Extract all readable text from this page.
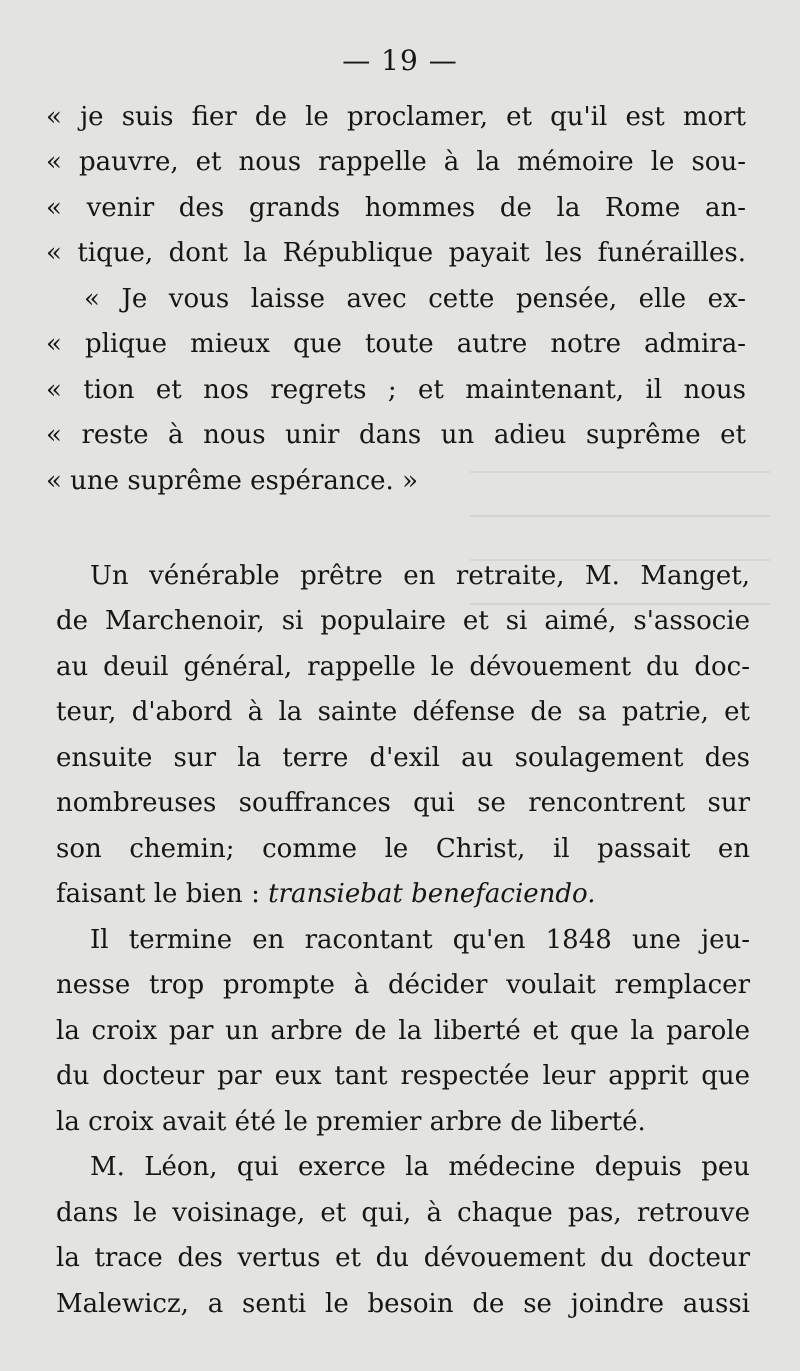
— 19 —
« je suis fier de le proclamer, et qu'il est mort
« pauvre, et nous rappelle à la mémoire le sou-
« venir des grands hommes de la Rome an-
« tique, dont la République payait les funérailles.
« Je vous laisse avec cette pensée, elle ex-
« plique mieux que toute autre notre admira-
« tion et nos regrets ; et maintenant, il nous
« reste à nous unir dans un adieu suprême et
« une suprême espérance. »
Un vénérable prêtre en retraite, M. Manget,
de Marchenoir, si populaire et si aimé, s'associe
au deuil général, rappelle le dévouement du doc-
teur, d'abord à la sainte défense de sa patrie, et
ensuite sur la terre d'exil au soulagement des
nombreuses souffrances qui se rencontrent sur
son chemin; comme le Christ, il passait en
faisant le bien : transiebat benefaciendo.
Il termine en racontant qu'en 1848 une jeu-
nesse trop prompte à décider voulait remplacer
la croix par un arbre de la liberté et que la parole
du docteur par eux tant respectée leur apprit que
la croix avait été le premier arbre de liberté.
M. Léon, qui exerce la médecine depuis peu
dans le voisinage, et qui, à chaque pas, retrouve
la trace des vertus et du dévouement du docteur
Malewicz, a senti le besoin de se joindre aussi
